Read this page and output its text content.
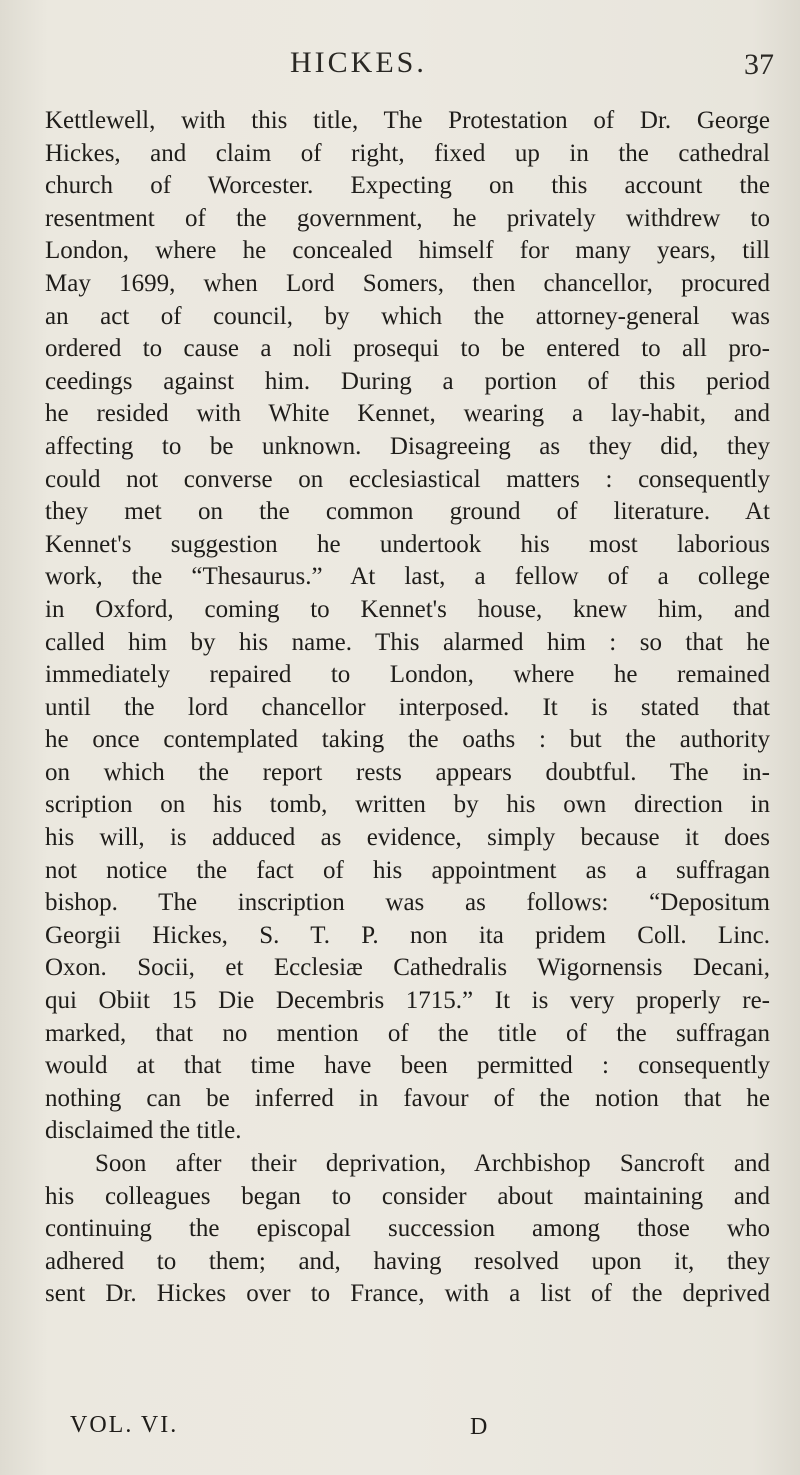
HICKES.	37
Kettlewell, with this title, The Protestation of Dr. George
Hickes, and claim of right, fixed up in the cathedral
church of Worcester. Expecting on this account the
resentment of the government, he privately withdrew to
London, where he concealed himself for many years, till
May 1699, when Lord Somers, then chancellor, procured
an act of council, by which the attorney-general was
ordered to cause a noli prosequi to be entered to all pro-
ceedings against him. During a portion of this period
he resided with White Kennet, wearing a lay-habit, and
affecting to be unknown. Disagreeing as they did, they
could not converse on ecclesiastical matters : consequently
they met on the common ground of literature. At
Kennet's suggestion he undertook his most laborious
work, the “Thesaurus.” At last, a fellow of a college
in Oxford, coming to Kennet's house, knew him, and
called him by his name. This alarmed him : so that he
immediately repaired to London, where he remained
until the lord chancellor interposed. It is stated that
he once contemplated taking the oaths : but the authority
on which the report rests appears doubtful. The in-
scription on his tomb, written by his own direction in
his will, is adduced as evidence, simply because it does
not notice the fact of his appointment as a suffragan
bishop. The inscription was as follows: “Depositum
Georgii Hickes, S. T. P. non ita pridem Coll. Linc.
Oxon. Socii, et Ecclesiæ Cathedralis Wigornensis Decani,
qui Obiit 15 Die Decembris 1715.” It is very properly re-
marked, that no mention of the title of the suffragan
would at that time have been permitted : consequently
nothing can be inferred in favour of the notion that he
disclaimed the title.
Soon after their deprivation, Archbishop Sancroft and
his colleagues began to consider about maintaining and
continuing the episcopal succession among those who
adhered to them; and, having resolved upon it, they
sent Dr. Hickes over to France, with a list of the deprived
VOL. VI.	D
